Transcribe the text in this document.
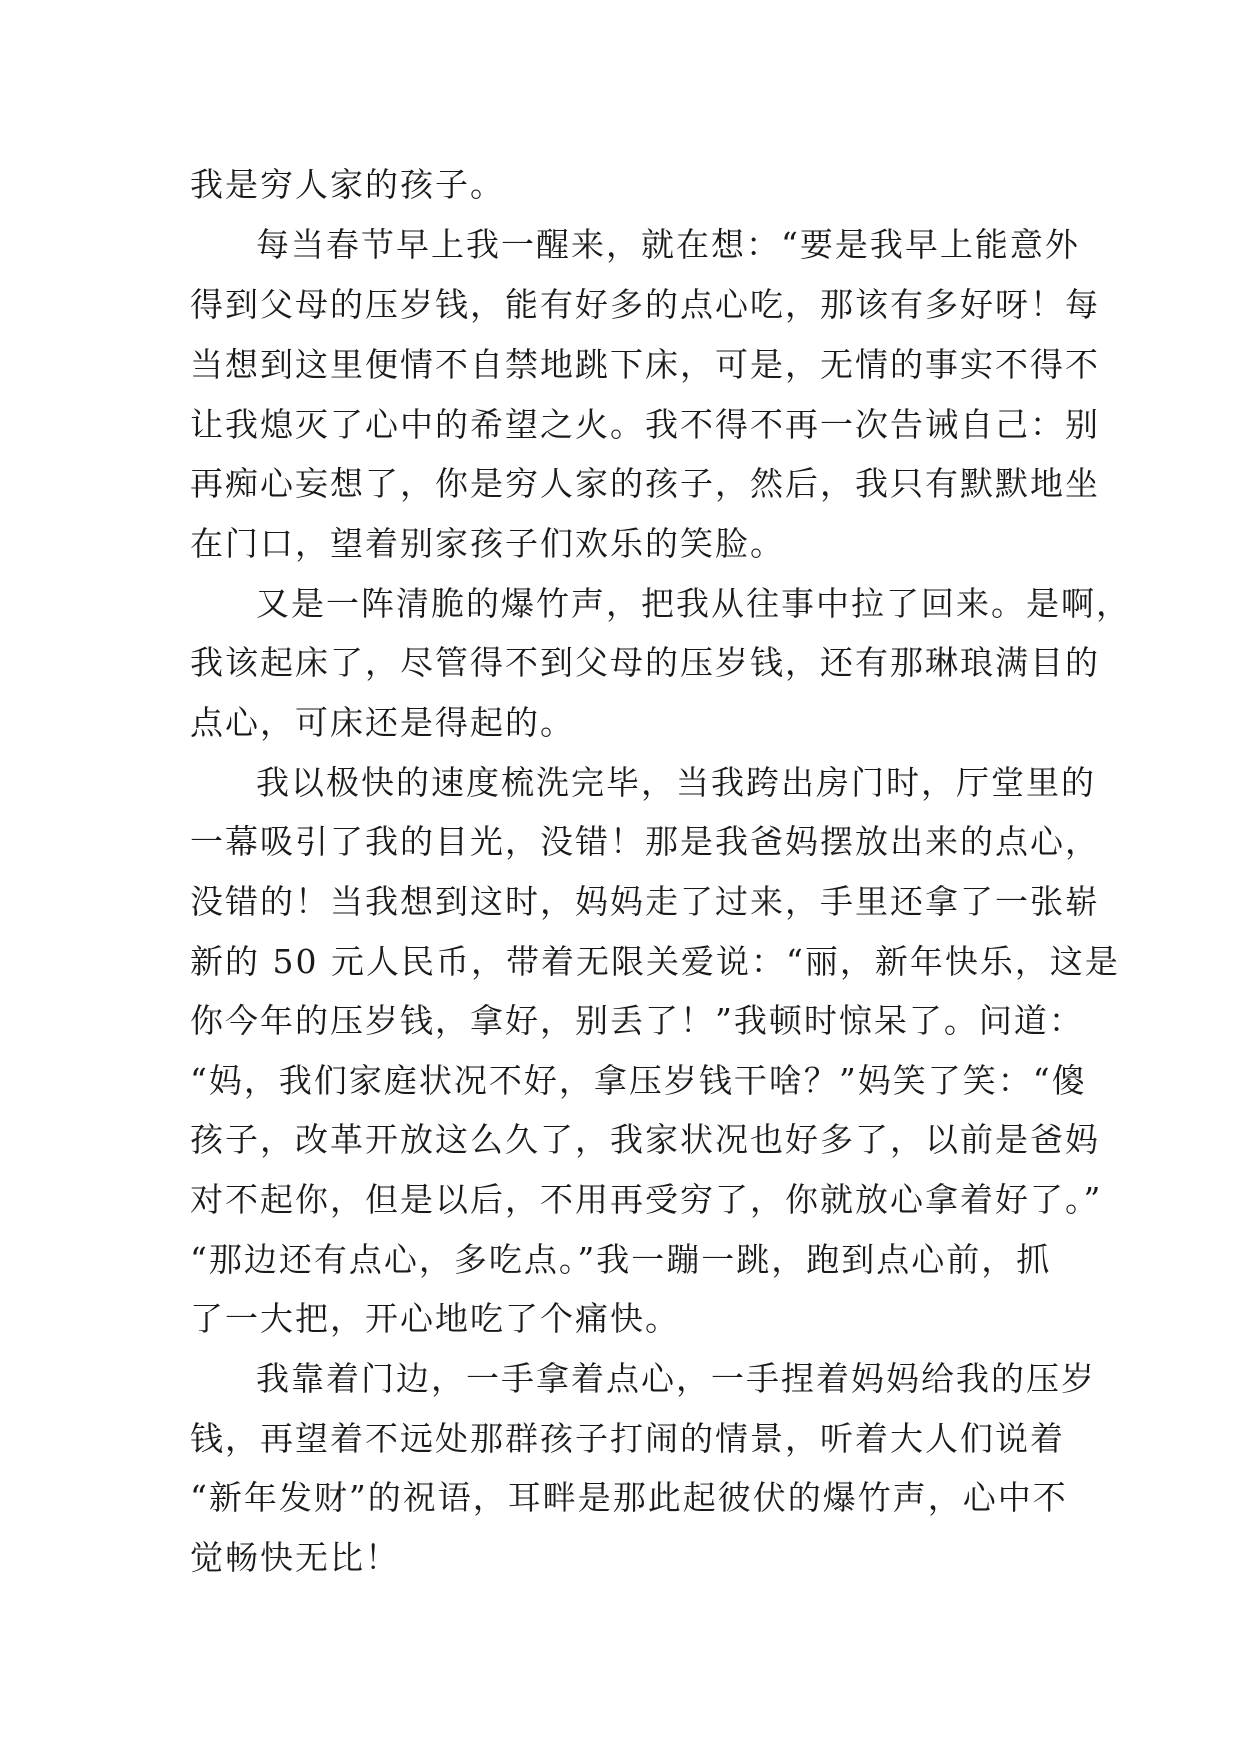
我是穷人家的孩子。
每当春节早上我一醒来，就在想：“要是我早上能意外
得到父母的压岁钱，能有好多的点心吃，那该有多好呀！每
当想到这里便情不自禁地跳下床，可是，无情的事实不得不
让我熄灭了心中的希望之火。我不得不再一次告诫自己：别
再痴心妄想了，你是穷人家的孩子，然后，我只有默默地坐
在门口，望着别家孩子们欢乐的笑脸。
又是一阵清脆的爆竹声，把我从往事中拉了回来。是啊，
我该起床了，尽管得不到父母的压岁钱，还有那琳琅满目的
点心，可床还是得起的。
我以极快的速度梳洗完毕，当我跨出房门时，厅堂里的
一幕吸引了我的目光，没错！那是我爸妈摆放出来的点心，
没错的！当我想到这时，妈妈走了过来，手里还拿了一张崭
新的 50 元人民币，带着无限关爱说：“丽，新年快乐，这是
你今年的压岁钱，拿好，别丢了！”我顿时惊呆了。问道：
“妈，我们家庭状况不好，拿压岁钱干啥？”妈笑了笑：“傻
孩子，改革开放这么久了，我家状况也好多了，以前是爸妈
对不起你，但是以后，不用再受穷了，你就放心拿着好了。”
“那边还有点心，多吃点。”我一蹦一跳，跑到点心前，抓
了一大把，开心地吃了个痛快。
我靠着门边，一手拿着点心，一手捏着妈妈给我的压岁
钱，再望着不远处那群孩子打闹的情景，听着大人们说着
“新年发财”的祝语，耳畔是那此起彼伏的爆竹声，心中不
觉畅快无比！
